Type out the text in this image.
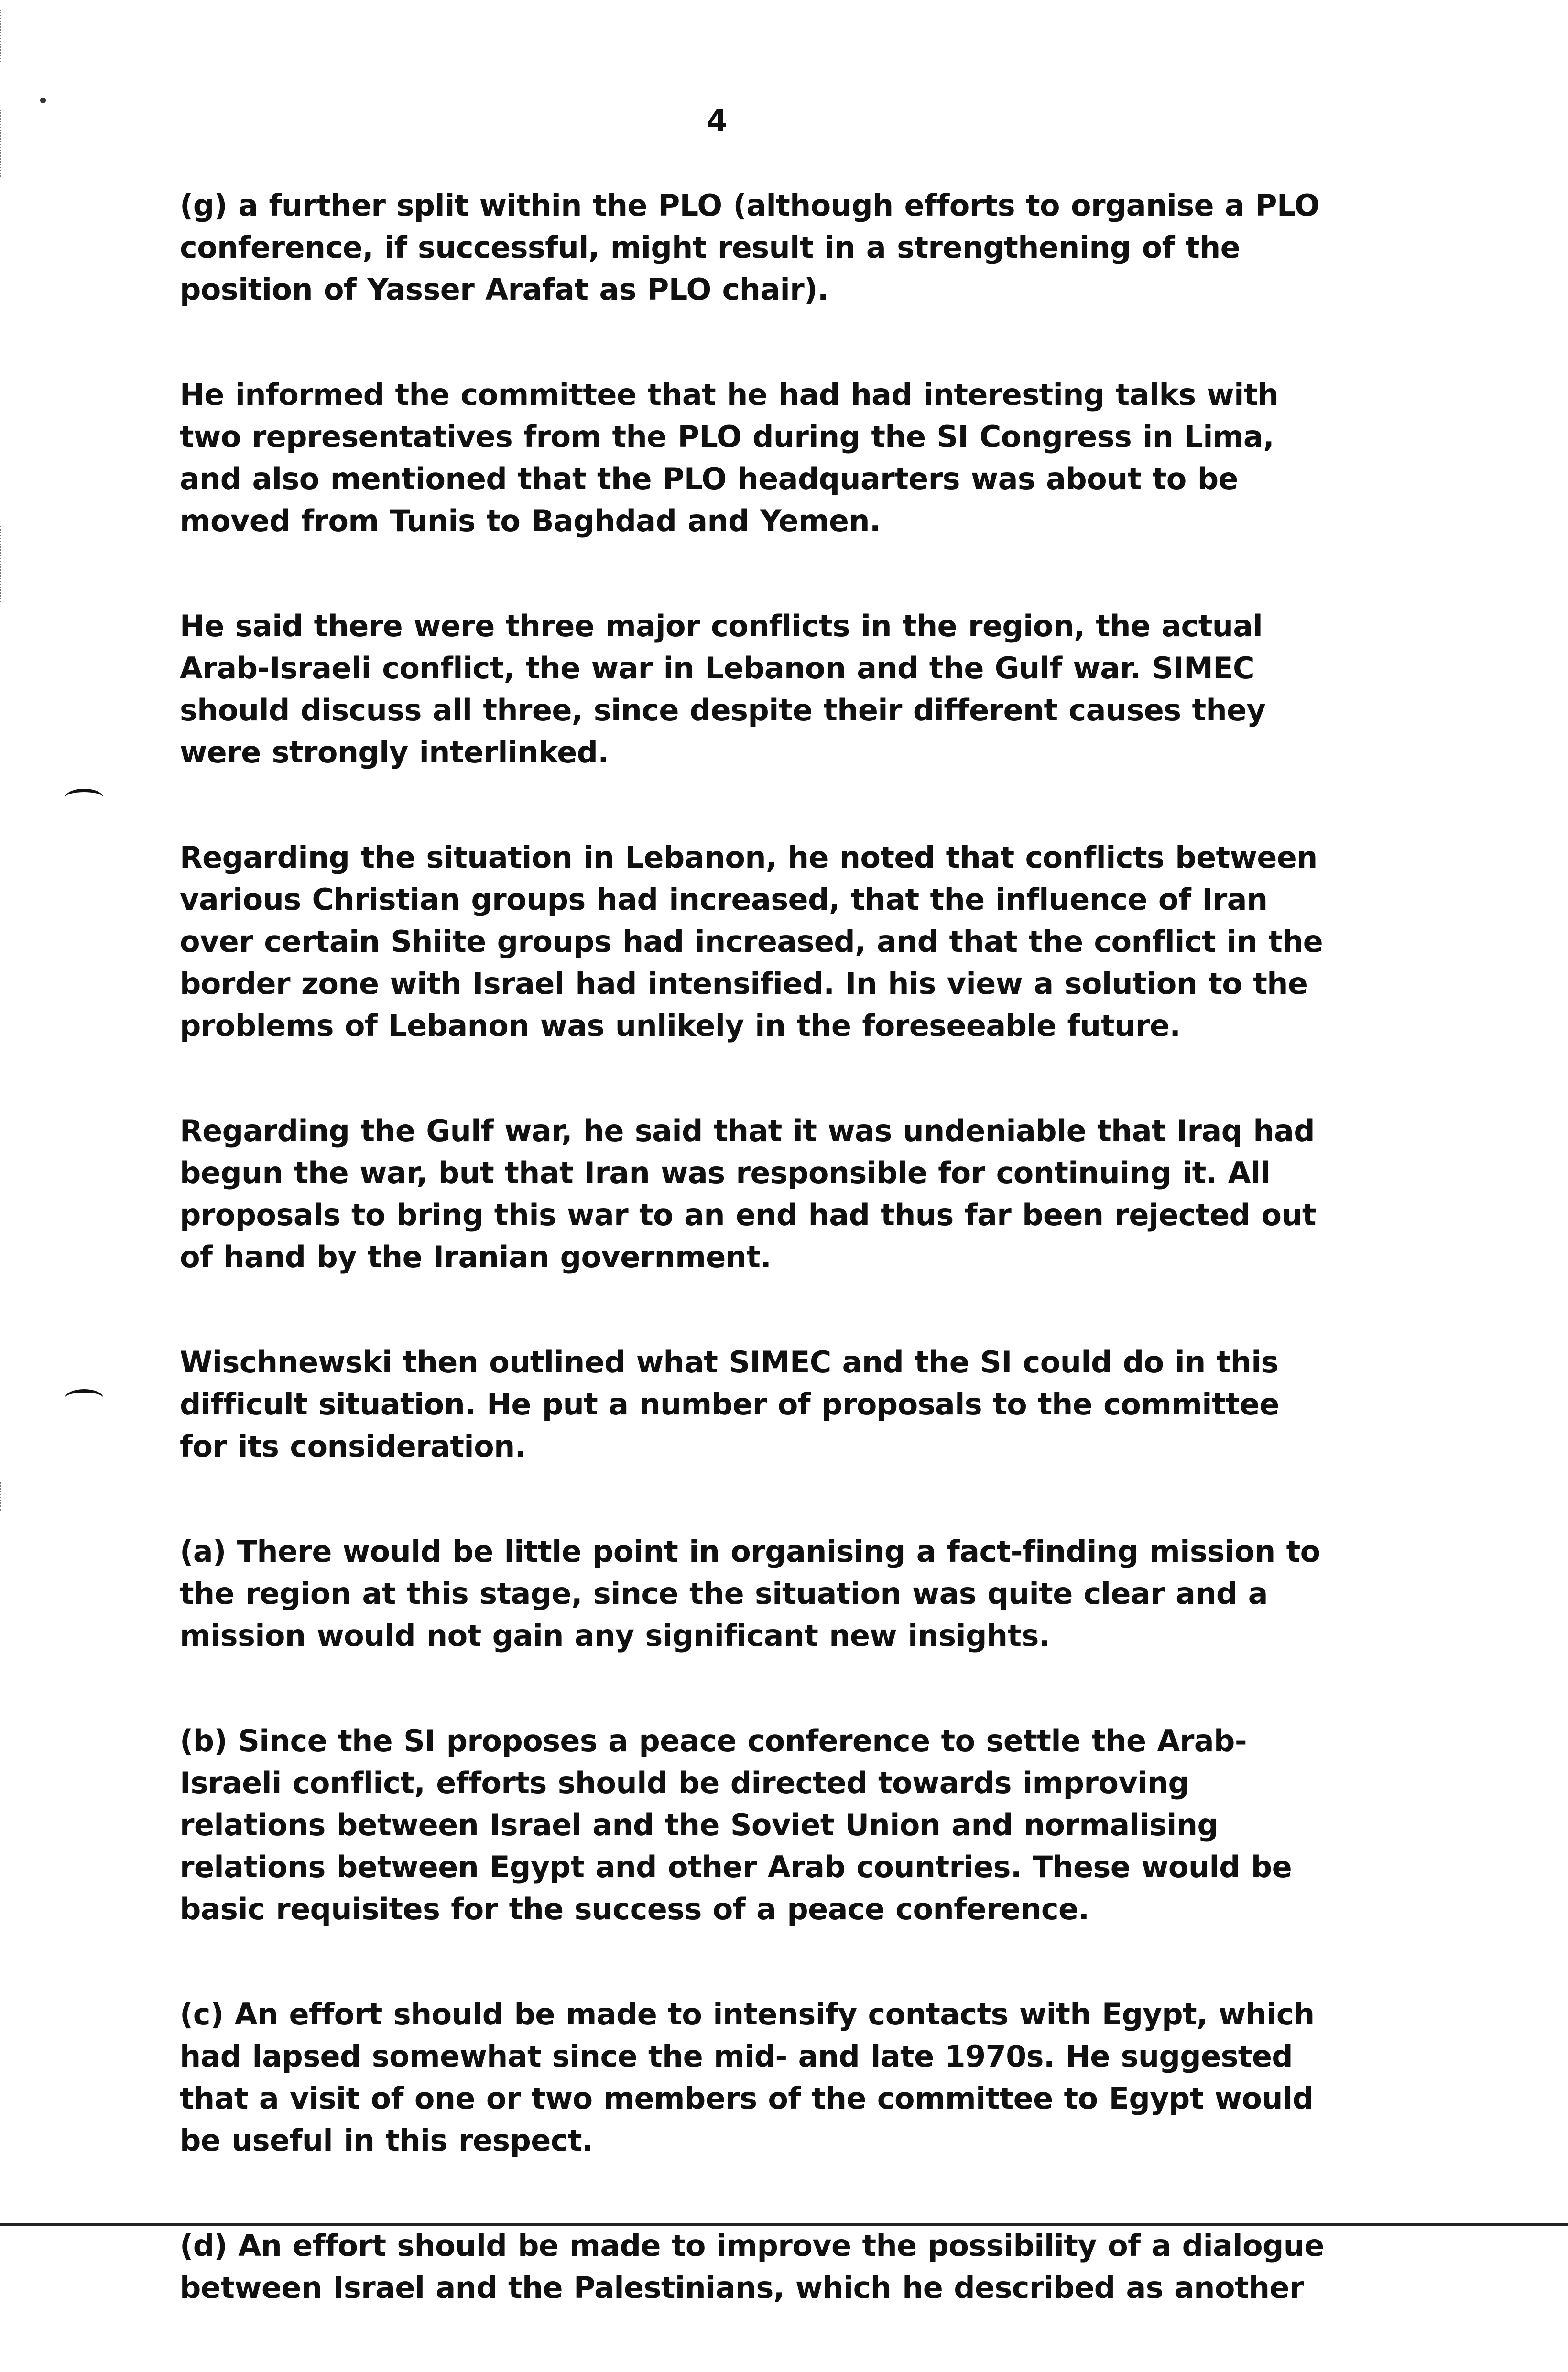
4

(g) a further split within the PLO (although efforts to organise a PLO conference, if successful, might result in a strengthening of the position of Yasser Arafat as PLO chair).

He informed the committee that he had had interesting talks with two representatives from the PLO during the SI Congress in Lima, and also mentioned that the PLO headquarters was about to be moved from Tunis to Baghdad and Yemen.

He said there were three major conflicts in the region, the actual Arab-Israeli conflict, the war in Lebanon and the Gulf war. SIMEC should discuss all three, since despite their different causes they were strongly interlinked.

Regarding the situation in Lebanon, he noted that conflicts between various Christian groups had increased, that the influence of Iran over certain Shiite groups had increased, and that the conflict in the border zone with Israel had intensified. In his view a solution to the problems of Lebanon was unlikely in the foreseeable future.

Regarding the Gulf war, he said that it was undeniable that Iraq had begun the war, but that Iran was responsible for continuing it. All proposals to bring this war to an end had thus far been rejected out of hand by the Iranian government.

Wischnewski then outlined what SIMEC and the SI could do in this difficult situation. He put a number of proposals to the committee for its consideration.

(a) There would be little point in organising a fact-finding mission to the region at this stage, since the situation was quite clear and a mission would not gain any significant new insights.

(b) Since the SI proposes a peace conference to settle the Arab-Israeli conflict, efforts should be directed towards improving relations between Israel and the Soviet Union and normalising relations between Egypt and other Arab countries. These would be basic requisites for the success of a peace conference.

(c) An effort should be made to intensify contacts with Egypt, which had lapsed somewhat since the mid- and late 1970s. He suggested that a visit of one or two members of the committee to Egypt would be useful in this respect.

(d) An effort should be made to improve the possibility of a dialogue between Israel and the Palestinians, which he described as another
